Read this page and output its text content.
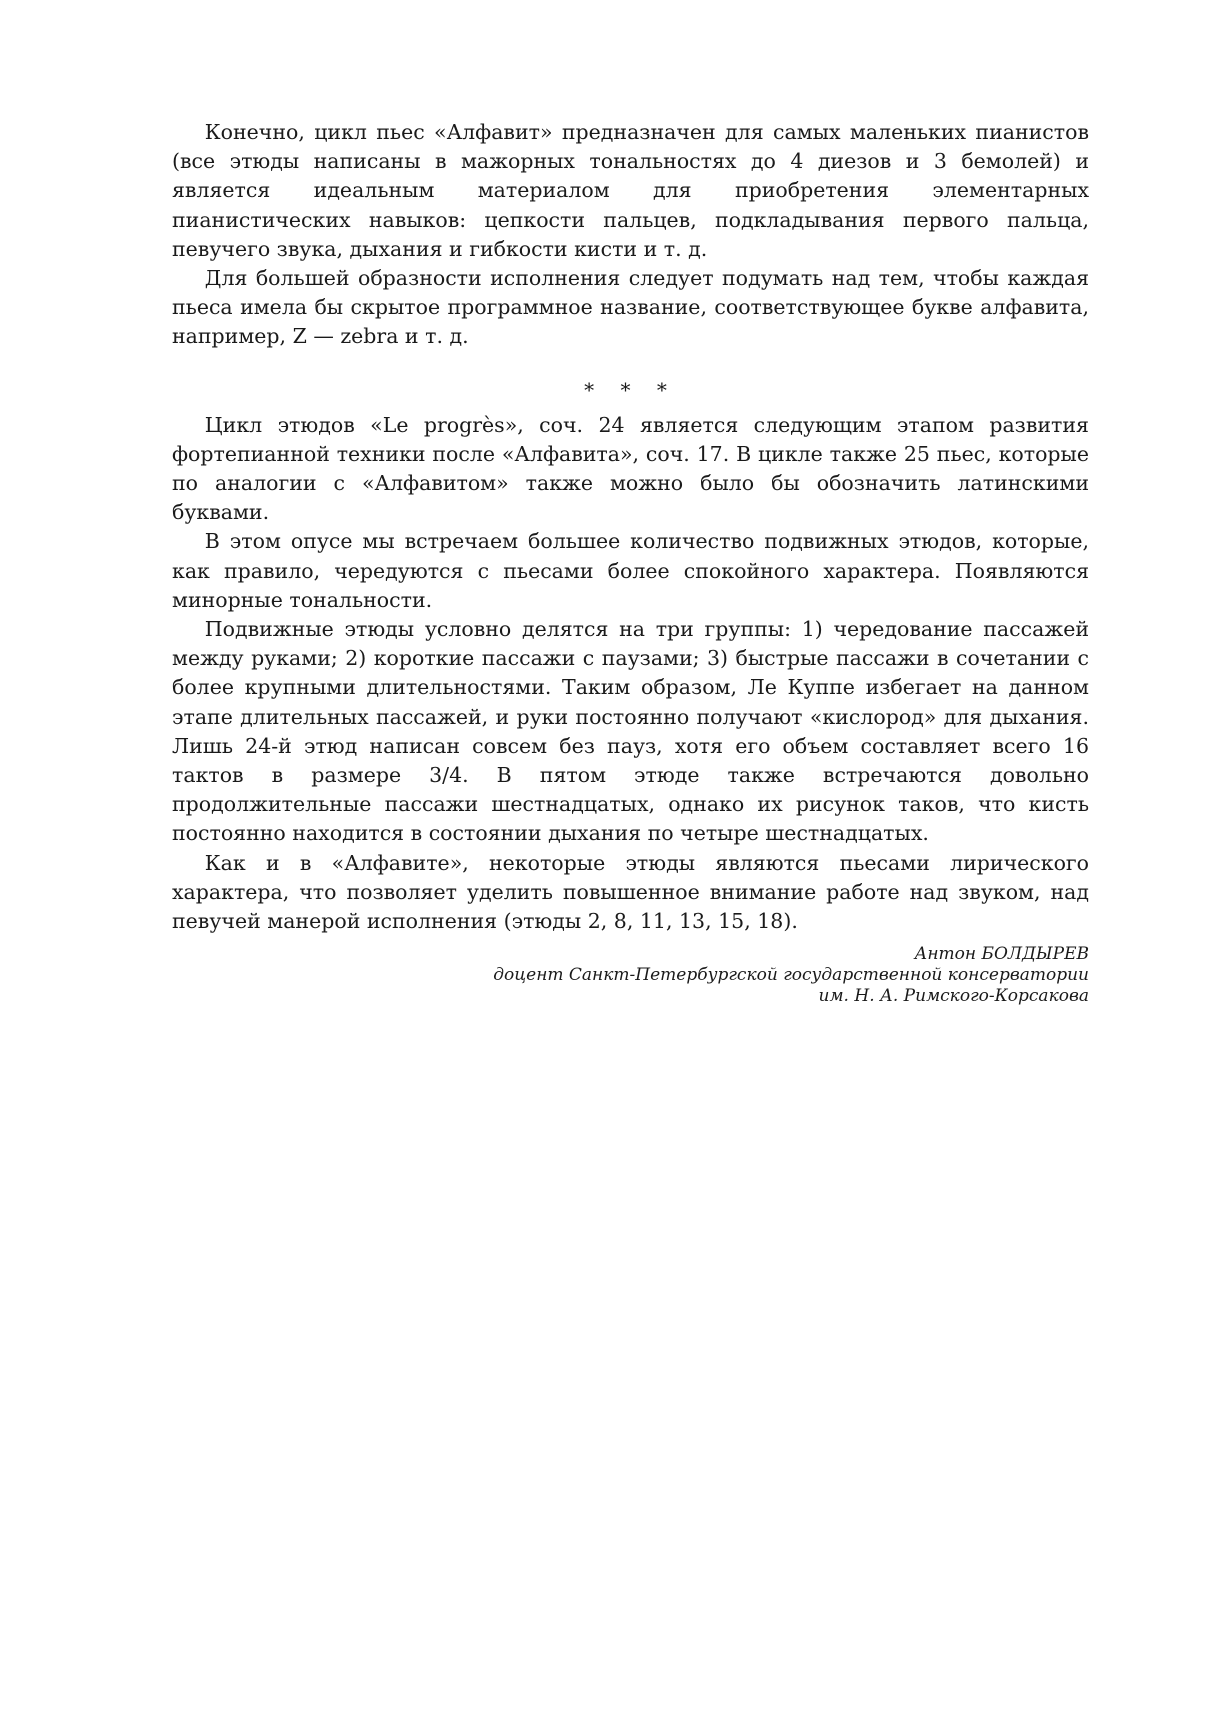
Конечно, цикл пьес «Алфавит» предназначен для самых маленьких пианистов (все этюды написаны в мажорных тональностях до 4 диезов и 3 бемолей) и является идеальным материалом для приобретения элементарных пианистических навыков: цепкости пальцев, подкладывания первого пальца, певучего звука, дыхания и гибкости кисти и т. д.

Для большей образности исполнения следует подумать над тем, чтобы каждая пьеса имела бы скрытое программное название, соответствующее букве алфавита, например, Z — zebra и т. д.

* * *

Цикл этюдов «Le progrès», соч. 24 является следующим этапом развития фортепианной техники после «Алфавита», соч. 17. В цикле также 25 пьес, которые по аналогии с «Алфавитом» также можно было бы обозначить латинскими буквами.

В этом опусе мы встречаем большее количество подвижных этюдов, которые, как правило, чередуются с пьесами более спокойного характера. Появляются минорные тональности.

Подвижные этюды условно делятся на три группы: 1) чередование пассажей между руками; 2) короткие пассажи с паузами; 3) быстрые пассажи в сочетании с более крупными длительностями. Таким образом, Ле Куппе избегает на данном этапе длительных пассажей, и руки постоянно получают «кислород» для дыхания. Лишь 24-й этюд написан совсем без пауз, хотя его объем составляет всего 16 тактов в размере 3/4. В пятом этюде также встречаются довольно продолжительные пассажи шестнадцатых, однако их рисунок таков, что кисть постоянно находится в состоянии дыхания по четыре шестнадцатых.

Как и в «Алфавите», некоторые этюды являются пьесами лирического характера, что позволяет уделить повышенное внимание работе над звуком, над певучей манерой исполнения (этюды 2, 8, 11, 13, 15, 18).

Антон БОЛДЫРЕВ
доцент Санкт-Петербургской государственной консерватории
им. Н. А. Римского-Корсакова
